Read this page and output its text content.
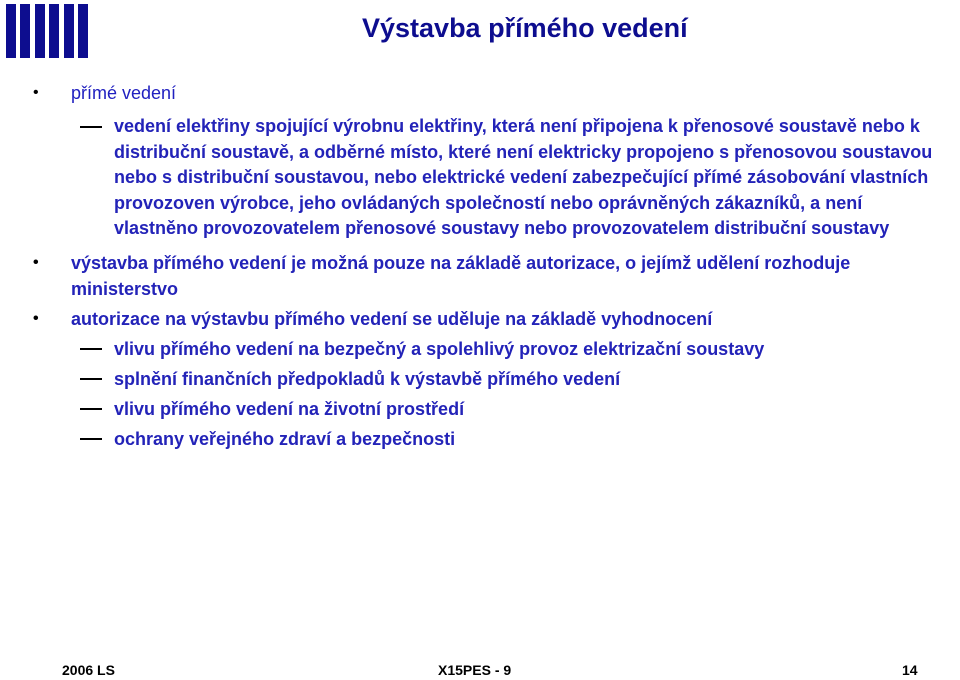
Výstavba přímého vedení
• přímé vedení
vedení elektřiny spojující výrobnu elektřiny, která není připojena k přenosové soustavě nebo k distribuční soustavě, a odběrné místo, které není elektricky propojeno s přenosovou soustavou nebo s distribuční soustavou, nebo elektrické vedení zabezpečující přímé zásobování vlastních provozoven výrobce, jeho ovládaných společností nebo oprávněných zákazníků, a není vlastněno provozovatelem přenosové soustavy nebo provozovatelem distribuční soustavy
• výstavba přímého vedení je možná pouze na základě autorizace, o jejímž udělení rozhoduje ministerstvo
• autorizace na výstavbu přímého vedení se uděluje na základě vyhodnocení
vlivu přímého vedení na bezpečný a spolehlivý provoz elektrizační soustavy
splnění finančních předpokladů k výstavbě přímého vedení
vlivu přímého vedení na životní prostředí
ochrany veřejného zdraví a bezpečnosti
2006 LS	X15PES - 9	14
